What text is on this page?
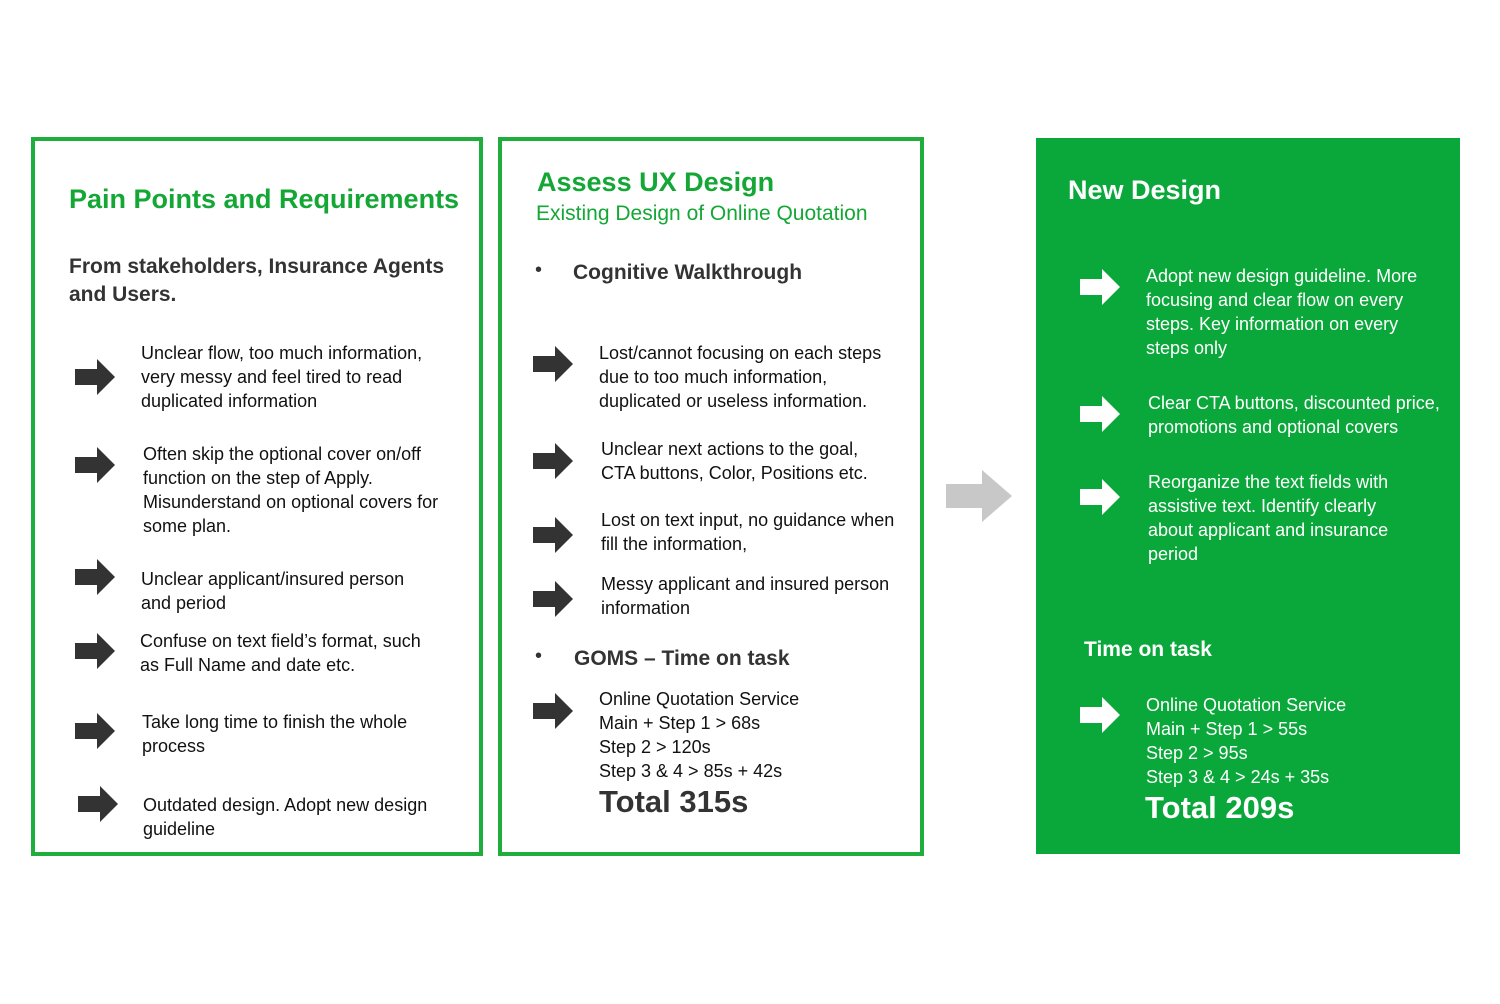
Pain Points and Requirements
From stakeholders, Insurance Agents
and Users.
Assess UX Design
Existing Design of Online Quotation
• Cognitive Walkthrough
• GOMS – Time on task
Total 315s
New Design
Time on task
Total 209s
Unclear flow, too much information,
very messy and feel tired to read
duplicated information
Often skip the optional cover on/off
function on the step of Apply.
Misunderstand on optional covers for
some plan.
Unclear applicant/insured person
and period
Confuse on text field’s format, such
as Full Name and date etc.
Take long time to finish the whole
process
Outdated design. Adopt new design
guideline
Lost/cannot focusing on each steps
due to too much information,
duplicated or useless information.
Unclear next actions to the goal,
CTA buttons, Color, Positions etc.
Lost on text input, no guidance when
fill the information,
Messy applicant and insured person
information
Online Quotation Service
Main + Step 1 > 68s
Step 2 > 120s
Step 3 & 4 > 85s + 42s
Adopt new design guideline. More
focusing and clear flow on every
steps. Key information on every
steps only
Clear CTA buttons, discounted price,
promotions and optional covers
Reorganize the text fields with
assistive text. Identify clearly
about applicant and insurance
period
Online Quotation Service
Main + Step 1 > 55s
Step 2 > 95s
Step 3 & 4 > 24s + 35s
